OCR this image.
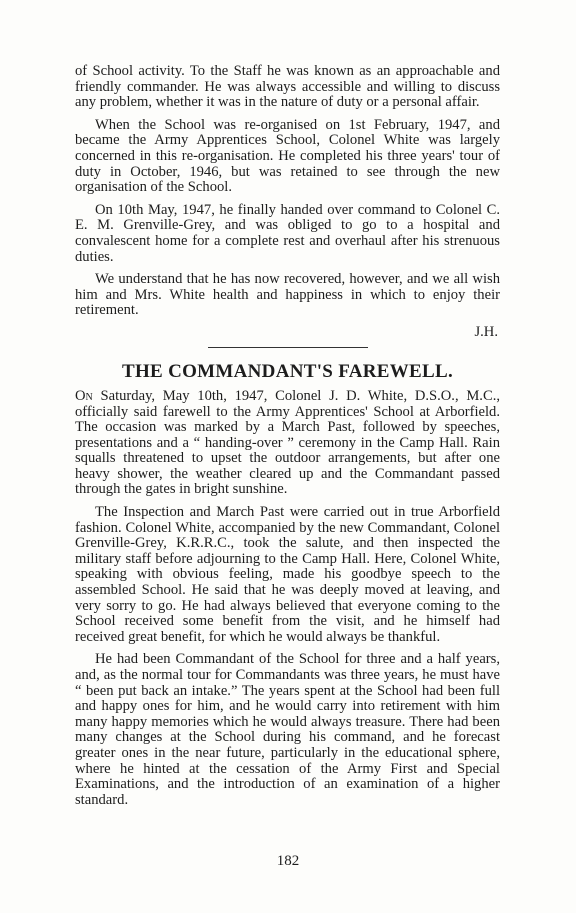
of School activity. To the Staff he was known as an approachable and friendly commander. He was always accessible and willing to discuss any problem, whether it was in the nature of duty or a personal affair.

When the School was re-organised on 1st February, 1947, and became the Army Apprentices School, Colonel White was largely concerned in this re-organisation. He completed his three years' tour of duty in October, 1946, but was retained to see through the new organisation of the School.

On 10th May, 1947, he finally handed over command to Colonel C. E. M. Grenville-Grey, and was obliged to go to a hospital and convalescent home for a complete rest and overhaul after his strenuous duties.

We understand that he has now recovered, however, and we all wish him and Mrs. White health and happiness in which to enjoy their retirement.

J.H.
THE COMMANDANT'S FAREWELL.

On Saturday, May 10th, 1947, Colonel J. D. White, D.S.O., M.C., officially said farewell to the Army Apprentices' School at Arborfield. The occasion was marked by a March Past, followed by speeches, presentations and a “ handing-over ” ceremony in the Camp Hall. Rain squalls threatened to upset the outdoor arrangements, but after one heavy shower, the weather cleared up and the Commandant passed through the gates in bright sunshine.

The Inspection and March Past were carried out in true Arborfield fashion. Colonel White, accompanied by the new Commandant, Colonel Grenville-Grey, K.R.R.C., took the salute, and then inspected the military staff before adjourning to the Camp Hall. Here, Colonel White, speaking with obvious feeling, made his goodbye speech to the assembled School. He said that he was deeply moved at leaving, and very sorry to go. He had always believed that everyone coming to the School received some benefit from the visit, and he himself had received great benefit, for which he would always be thankful.

He had been Commandant of the School for three and a half years, and, as the normal tour for Commandants was three years, he must have “ been put back an intake.” The years spent at the School had been full and happy ones for him, and he would carry into retirement with him many happy memories which he would always treasure. There had been many changes at the School during his command, and he forecast greater ones in the near future, particularly in the educational sphere, where he hinted at the cessation of the Army First and Special Examinations, and the introduction of an examination of a higher standard.

182
